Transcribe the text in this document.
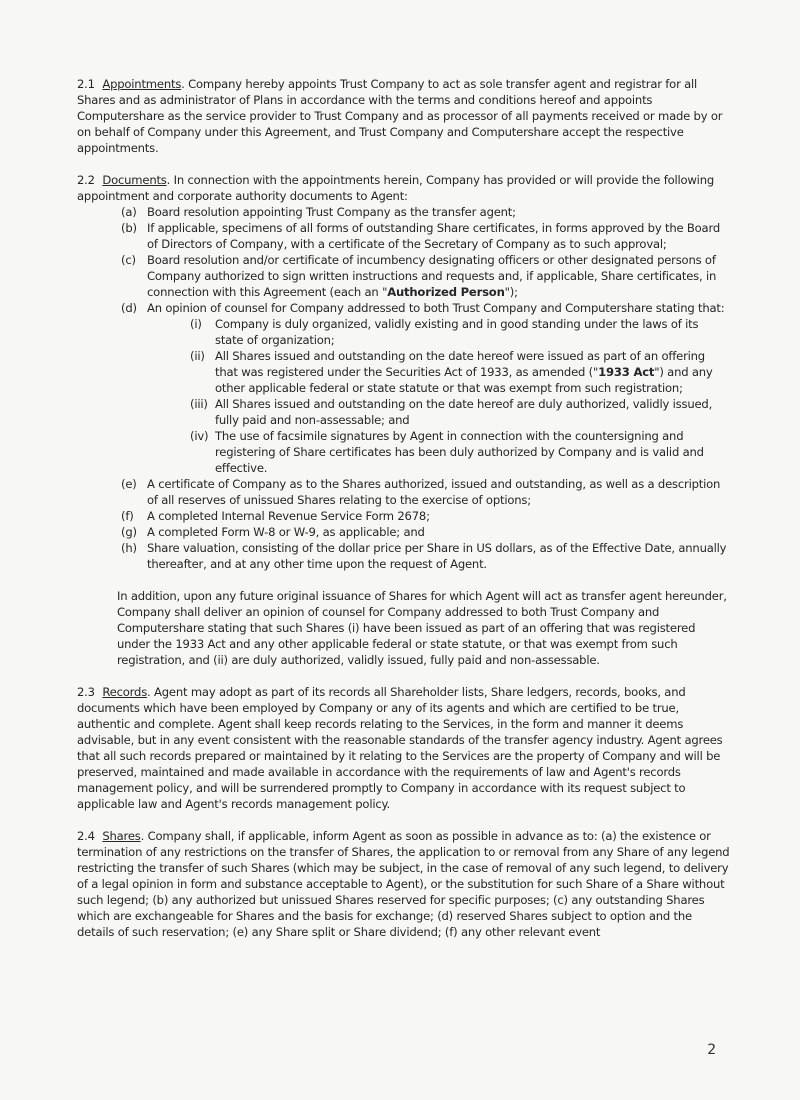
2.1 Appointments. Company hereby appoints Trust Company to act as sole transfer agent and registrar for all Shares and as administrator of Plans in accordance with the terms and conditions hereof and appoints Computershare as the service provider to Trust Company and as processor of all payments received or made by or on behalf of Company under this Agreement, and Trust Company and Computershare accept the respective appointments.

2.2 Documents. In connection with the appointments herein, Company has provided or will provide the following appointment and corporate authority documents to Agent:

(a) Board resolution appointing Trust Company as the transfer agent;
(b) If applicable, specimens of all forms of outstanding Share certificates, in forms approved by the Board of Directors of Company, with a certificate of the Secretary of Company as to such approval;
(c) Board resolution and/or certificate of incumbency designating officers or other designated persons of Company authorized to sign written instructions and requests and, if applicable, Share certificates, in connection with this Agreement (each an "Authorized Person");
(d) An opinion of counsel for Company addressed to both Trust Company and Computershare stating that:
(i) Company is duly organized, validly existing and in good standing under the laws of its state of organization;
(ii) All Shares issued and outstanding on the date hereof were issued as part of an offering that was registered under the Securities Act of 1933, as amended ("1933 Act") and any other applicable federal or state statute or that was exempt from such registration;
(iii) All Shares issued and outstanding on the date hereof are duly authorized, validly issued, fully paid and non-assessable; and
(iv) The use of facsimile signatures by Agent in connection with the countersigning and registering of Share certificates has been duly authorized by Company and is valid and effective.
(e) A certificate of Company as to the Shares authorized, issued and outstanding, as well as a description of all reserves of unissued Shares relating to the exercise of options;
(f) A completed Internal Revenue Service Form 2678;
(g) A completed Form W-8 or W-9, as applicable; and
(h) Share valuation, consisting of the dollar price per Share in US dollars, as of the Effective Date, annually thereafter, and at any other time upon the request of Agent.

In addition, upon any future original issuance of Shares for which Agent will act as transfer agent hereunder, Company shall deliver an opinion of counsel for Company addressed to both Trust Company and Computershare stating that such Shares (i) have been issued as part of an offering that was registered under the 1933 Act and any other applicable federal or state statute, or that was exempt from such registration, and (ii) are duly authorized, validly issued, fully paid and non-assessable.

2.3 Records. Agent may adopt as part of its records all Shareholder lists, Share ledgers, records, books, and documents which have been employed by Company or any of its agents and which are certified to be true, authentic and complete. Agent shall keep records relating to the Services, in the form and manner it deems advisable, but in any event consistent with the reasonable standards of the transfer agency industry. Agent agrees that all such records prepared or maintained by it relating to the Services are the property of Company and will be preserved, maintained and made available in accordance with the requirements of law and Agent's records management policy, and will be surrendered promptly to Company in accordance with its request subject to applicable law and Agent's records management policy.

2.4 Shares. Company shall, if applicable, inform Agent as soon as possible in advance as to: (a) the existence or termination of any restrictions on the transfer of Shares, the application to or removal from any Share of any legend restricting the transfer of such Shares (which may be subject, in the case of removal of any such legend, to delivery of a legal opinion in form and substance acceptable to Agent), or the substitution for such Share of a Share without such legend; (b) any authorized but unissued Shares reserved for specific purposes; (c) any outstanding Shares which are exchangeable for Shares and the basis for exchange; (d) reserved Shares subject to option and the details of such reservation; (e) any Share split or Share dividend; (f) any other relevant event

2
